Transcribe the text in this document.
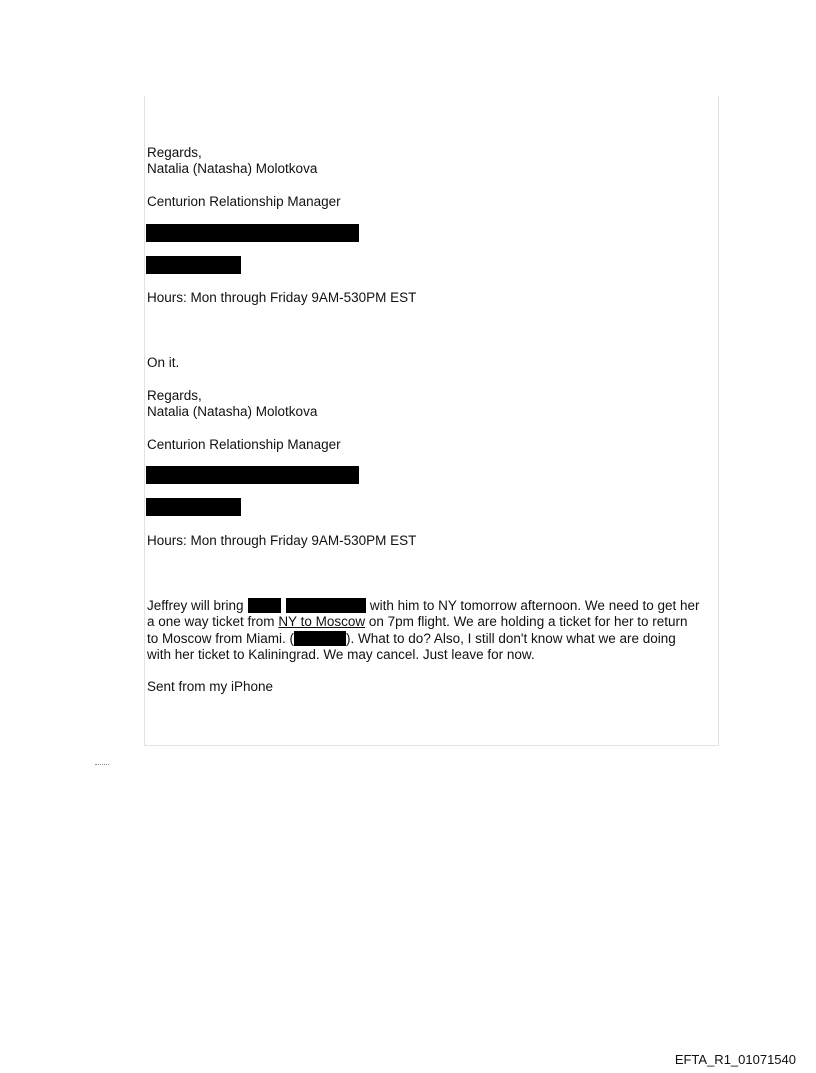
Regards,

Natalia (Natasha) Molotkova

Centurion Relationship Manager

Hours: Mon through Friday 9AM-530PM EST

On it.

Regards,

Natalia (Natasha) Molotkova

Centurion Relationship Manager

Hours: Mon through Friday 9AM-530PM EST

Jeffrey will bring	with him to NY tomorrow afternoon. We need to get her
a one way ticket from NY to Moscow on 7pm flight. We are holding a ticket for her to return
to Moscow from Miami. (	). What to do? Also, I still don't know what we are doing
with her ticket to Kaliningrad. We may cancel. Just leave for now.

Sent from my iPhone

EFTA_R1_01071540
